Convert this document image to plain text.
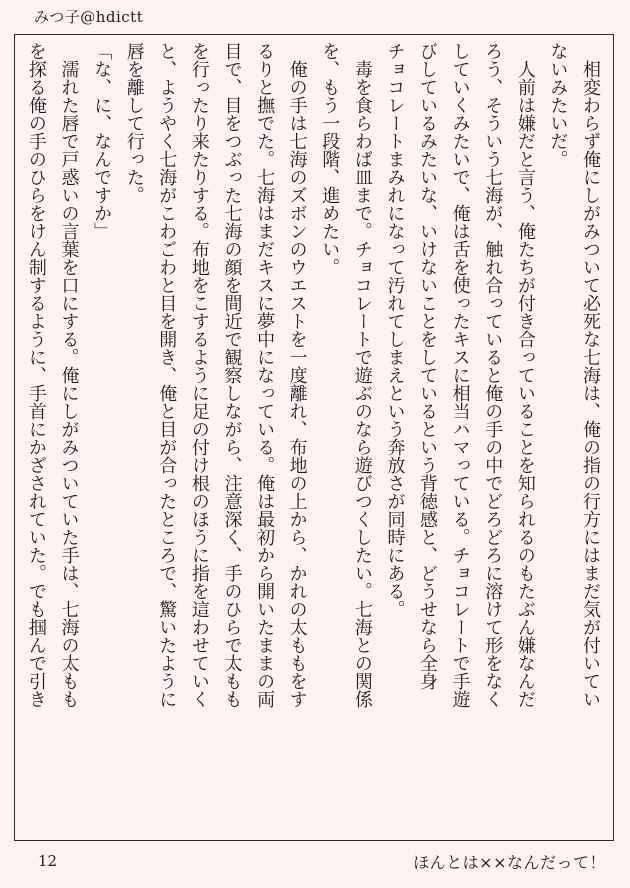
みつ子@hdictt

　相変わらず俺にしがみついて必死な七海は、俺の指の行方にはまだ気が付いてい

ないみたいだ。

　人前は嫌だと言う、俺たちが付き合っていることを知られるのもたぶん嫌なんだ

ろう、そういう七海が、触れ合っていると俺の手の中でどろどろに溶けて形をなく

していくみたいで、俺は舌を使ったキスに相当ハマっている。チョコレートで手遊

びしているみたいな、いけないことをしているという背徳感と、どうせなら全身

チョコレートまみれになって汚れてしまえという奔放さが同時にある。

　毒を食らわば皿まで。チョコレートで遊ぶのなら遊びつくしたい。七海との関係

を、もう一段階、進めたい。

　俺の手は七海のズボンのウエストを一度離れ、布地の上から、かれの太ももをす

るりと撫でた。七海はまだキスに夢中になっている。俺は最初から開いたままの両

目で、目をつぶった七海の顔を間近で観察しながら、注意深く、手のひらで太もも

を行ったり来たりする。布地をこするように足の付け根のほうに指を這わせていく

と、ようやく七海がこわごわと目を開き、俺と目が合ったところで、驚いたように

唇を離して行った。

「な、に、なんですか」

　濡れた唇で戸惑いの言葉を口にする。俺にしがみついていた手は、七海の太もも

を探る俺の手のひらをけん制するように、手首にかざされていた。でも掴んで引き

12	ほんとは××なんだって！
